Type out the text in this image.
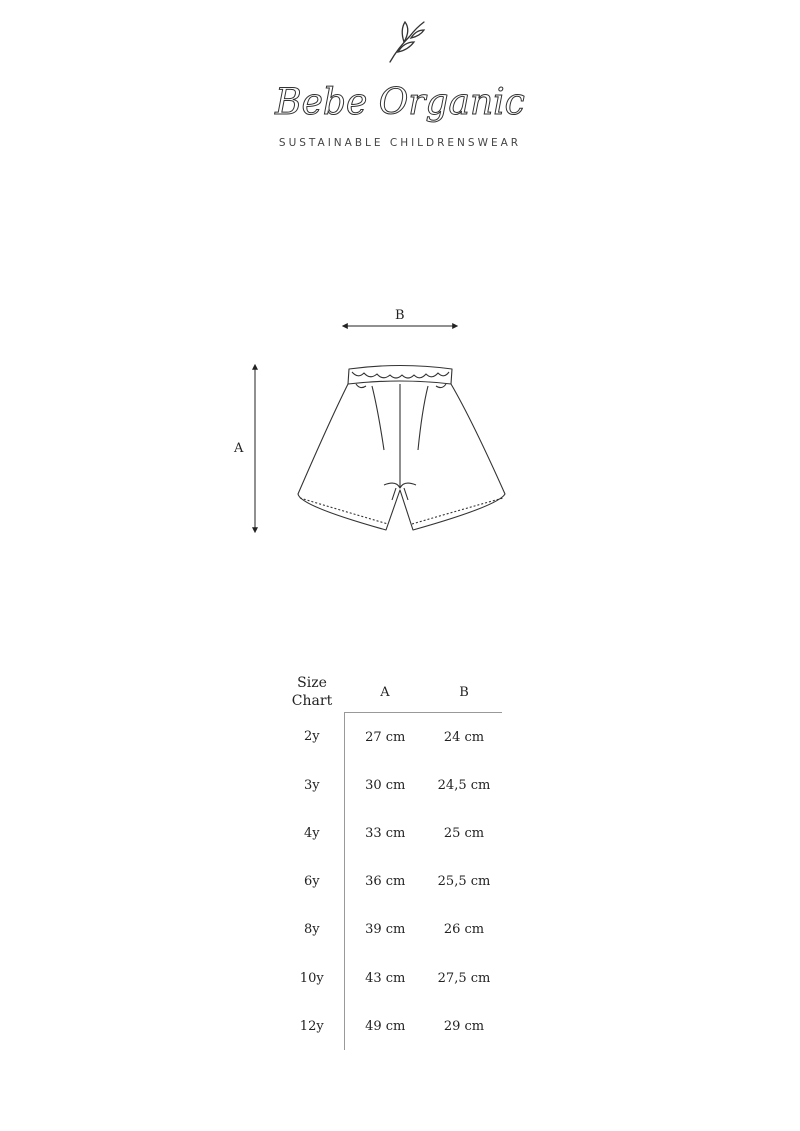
Bebe Organic
SUSTAINABLE CHILDRENSWEAR
B
A
Size
Chart	A	B
2y	27 cm	24 cm
3y	30 cm	24,5 cm
4y	33 cm	25 cm
6y	36 cm	25,5 cm
8y	39 cm	26 cm
10y	43 cm	27,5 cm
12y	49 cm	29 cm
